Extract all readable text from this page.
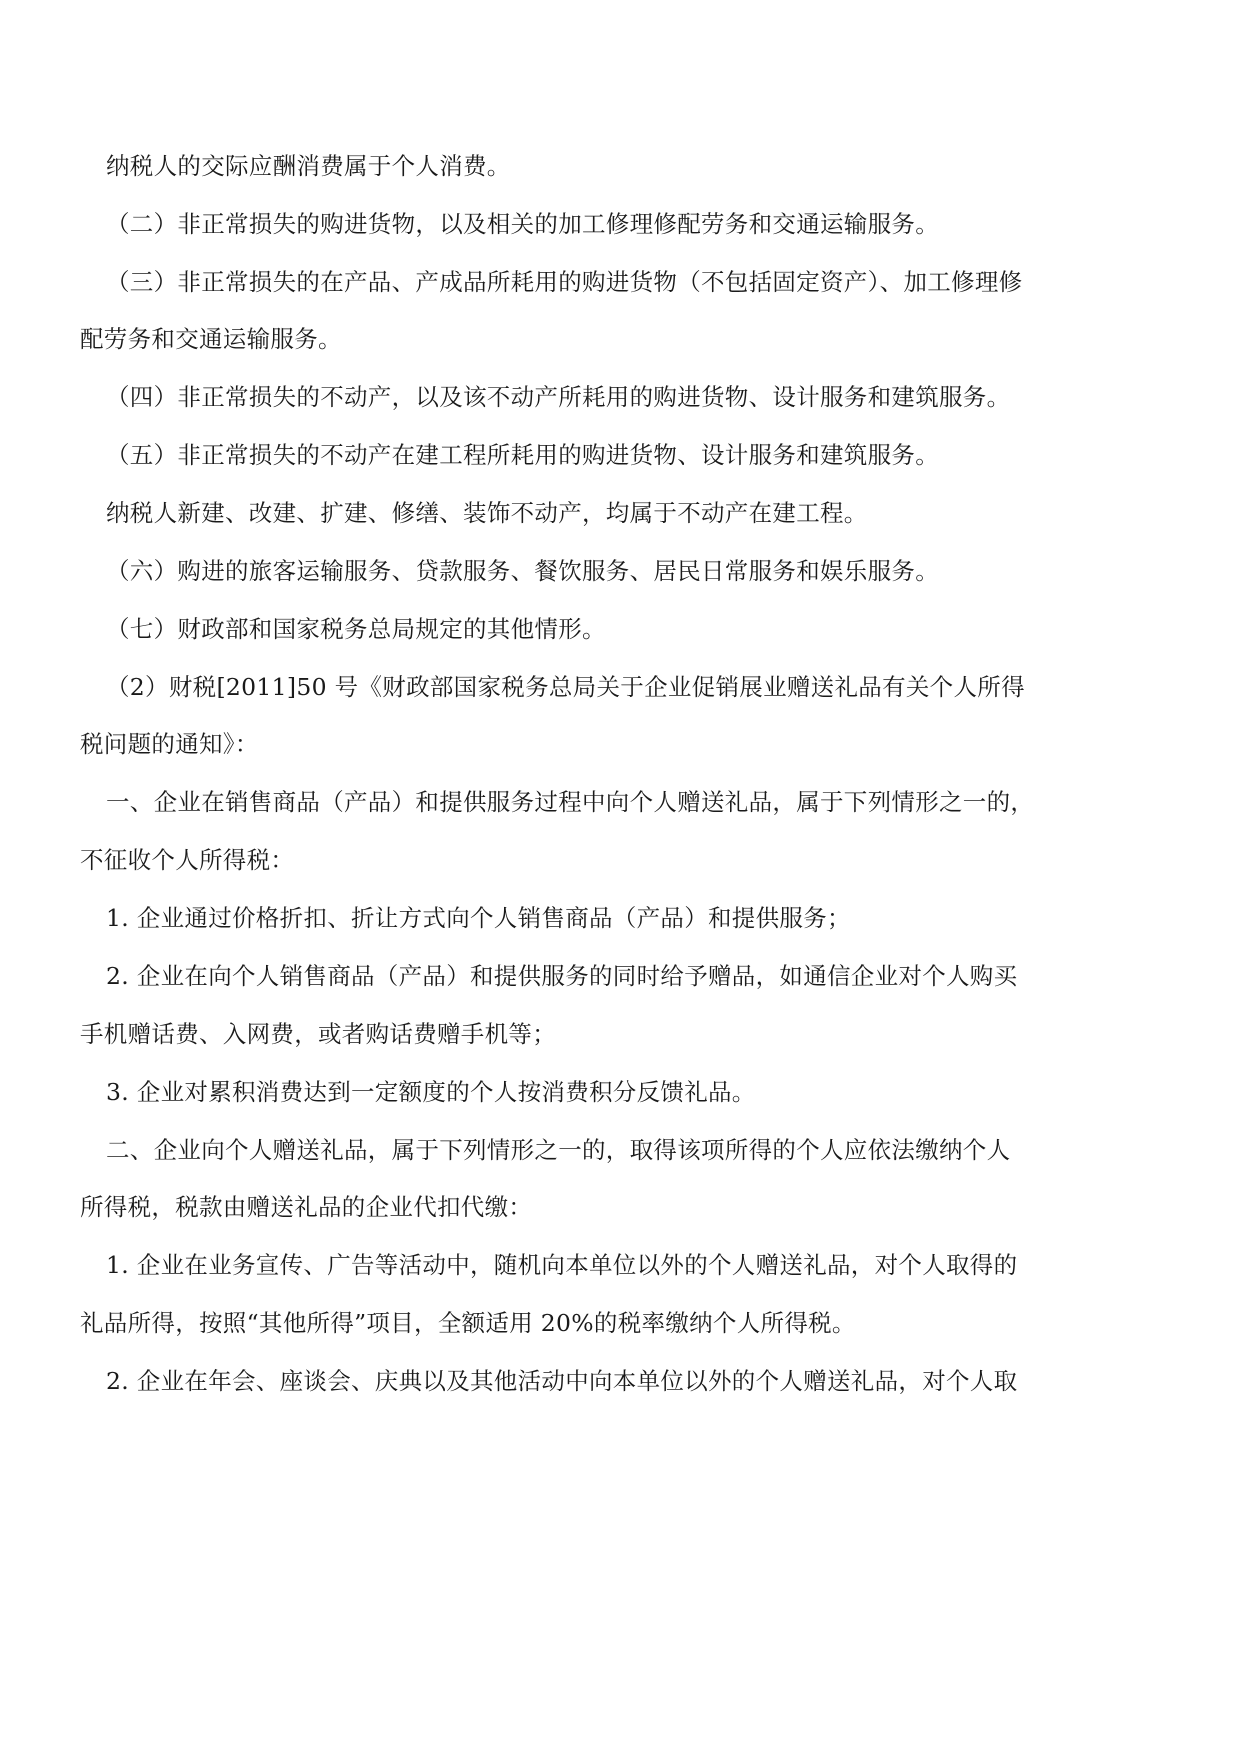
纳税人的交际应酬消费属于个人消费。
（二）非正常损失的购进货物，以及相关的加工修理修配劳务和交通运输服务。
（三）非正常损失的在产品、产成品所耗用的购进货物（不包括固定资产）、加工修理修
配劳务和交通运输服务。
（四）非正常损失的不动产，以及该不动产所耗用的购进货物、设计服务和建筑服务。
（五）非正常损失的不动产在建工程所耗用的购进货物、设计服务和建筑服务。
纳税人新建、改建、扩建、修缮、装饰不动产，均属于不动产在建工程。
（六）购进的旅客运输服务、贷款服务、餐饮服务、居民日常服务和娱乐服务。
（七）财政部和国家税务总局规定的其他情形。
（2）财税[2011]50 号《财政部国家税务总局关于企业促销展业赠送礼品有关个人所得
税问题的通知》：
一、企业在销售商品（产品）和提供服务过程中向个人赠送礼品，属于下列情形之一的，
不征收个人所得税：
1. 企业通过价格折扣、折让方式向个人销售商品（产品）和提供服务；
2. 企业在向个人销售商品（产品）和提供服务的同时给予赠品，如通信企业对个人购买
手机赠话费、入网费，或者购话费赠手机等；
3. 企业对累积消费达到一定额度的个人按消费积分反馈礼品。
二、企业向个人赠送礼品，属于下列情形之一的，取得该项所得的个人应依法缴纳个人
所得税，税款由赠送礼品的企业代扣代缴：
1. 企业在业务宣传、广告等活动中，随机向本单位以外的个人赠送礼品，对个人取得的
礼品所得，按照“其他所得”项目，全额适用 20%的税率缴纳个人所得税。
2. 企业在年会、座谈会、庆典以及其他活动中向本单位以外的个人赠送礼品，对个人取
